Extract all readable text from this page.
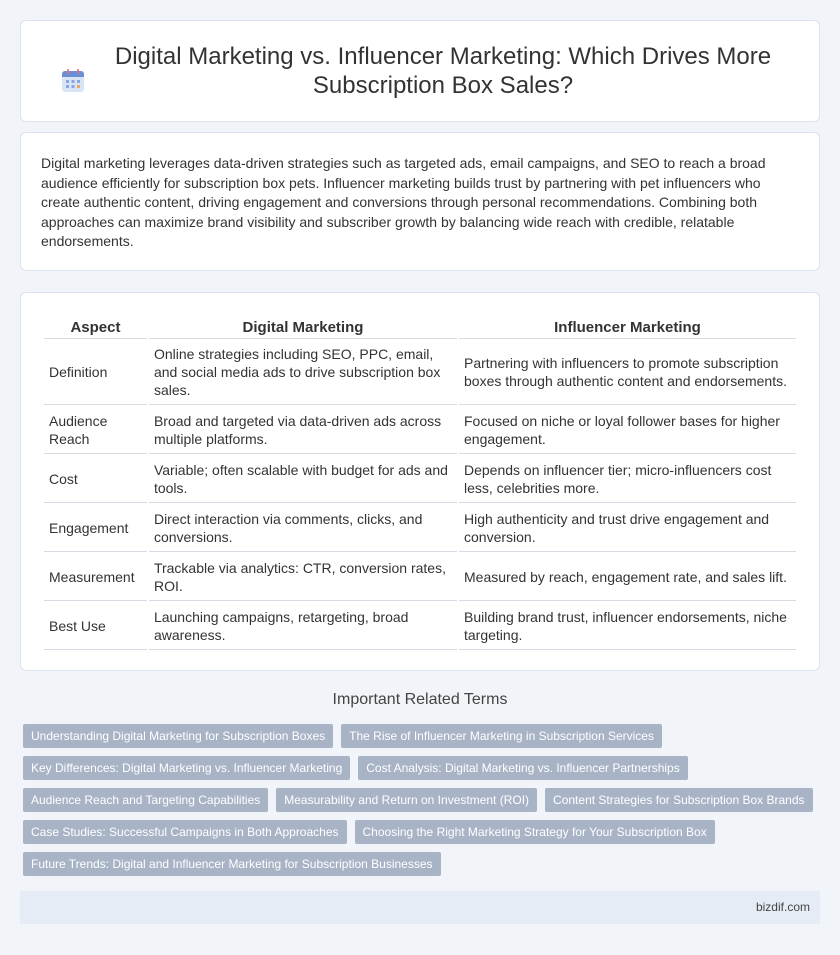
Digital Marketing vs. Influencer Marketing: Which Drives More Subscription Box Sales?

Digital marketing leverages data-driven strategies such as targeted ads, email campaigns, and SEO to reach a broad audience efficiently for subscription box pets. Influencer marketing builds trust by partnering with pet influencers who create authentic content, driving engagement and conversions through personal recommendations. Combining both approaches can maximize brand visibility and subscriber growth by balancing wide reach with credible, relatable endorsements.

Aspect	Digital Marketing	Influencer Marketing
Definition	Online strategies including SEO, PPC, email, and social media ads to drive subscription box sales.	Partnering with influencers to promote subscription boxes through authentic content and endorsements.
Audience Reach	Broad and targeted via data-driven ads across multiple platforms.	Focused on niche or loyal follower bases for higher engagement.
Cost	Variable; often scalable with budget for ads and tools.	Depends on influencer tier; micro-influencers cost less, celebrities more.
Engagement	Direct interaction via comments, clicks, and conversions.	High authenticity and trust drive engagement and conversion.
Measurement	Trackable via analytics: CTR, conversion rates, ROI.	Measured by reach, engagement rate, and sales lift.
Best Use	Launching campaigns, retargeting, broad awareness.	Building brand trust, influencer endorsements, niche targeting.
Important Related Terms
Understanding Digital Marketing for Subscription Boxes	The Rise of Influencer Marketing in Subscription Services
Key Differences: Digital Marketing vs. Influencer Marketing	Cost Analysis: Digital Marketing vs. Influencer Partnerships
Audience Reach and Targeting Capabilities	Measurability and Return on Investment (ROI)	Content Strategies for Subscription Box Brands
Case Studies: Successful Campaigns in Both Approaches	Choosing the Right Marketing Strategy for Your Subscription Box
Future Trends: Digital and Influencer Marketing for Subscription Businesses
bizdif.com
